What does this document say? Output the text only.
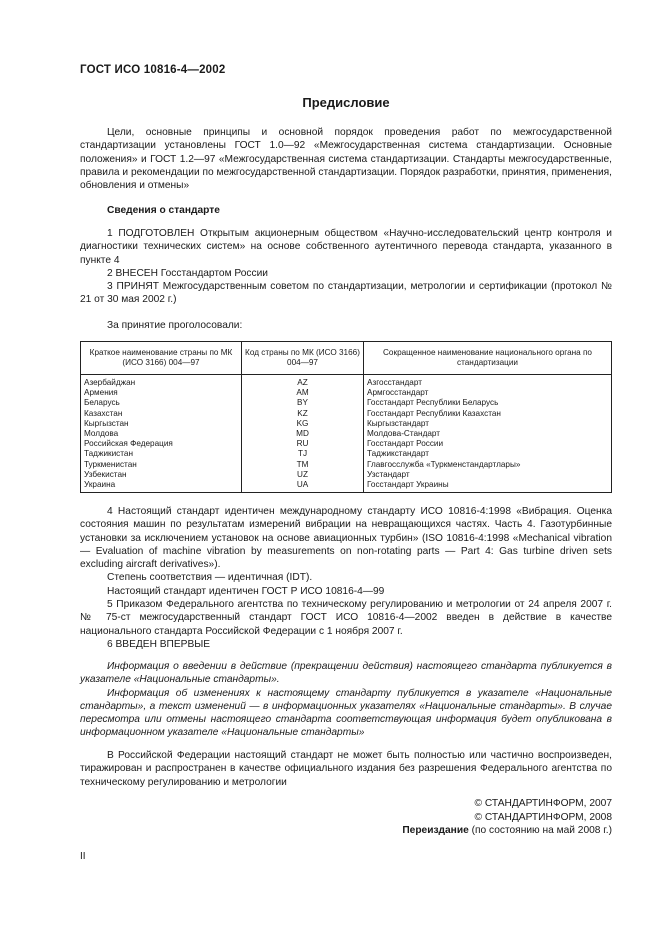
ГОСТ ИСО 10816-4—2002
Предисловие

Цели, основные принципы и основной порядок проведения работ по межгосударственной стандартизации установлены ГОСТ 1.0—92 «Межгосударственная система стандартизации. Основные положения» и ГОСТ 1.2—97 «Межгосударственная система стандартизации. Стандарты межгосударственные, правила и рекомендации по межгосударственной стандартизации. Порядок разработки, принятия, применения, обновления и отмены»

Сведения о стандарте

1 ПОДГОТОВЛЕН Открытым акционерным обществом «Научно-исследовательский центр контроля и диагностики технических систем» на основе собственного аутентичного перевода стандарта, указанного в пункте 4

2 ВНЕСЕН Госстандартом России

3 ПРИНЯТ Межгосударственным советом по стандартизации, метрологии и сертификации (протокол № 21 от 30 мая 2002 г.)

За принятие проголосовали:

Краткое наименование страны по МК (ИСО 3166) 004—97	Код страны по МК (ИСО 3166) 004—97	Сокращенное наименование национального органа по стандартизации
Азербайджан	AZ	Азгосстандарт
Армения	AM	Армгосстандарт
Беларусь	BY	Госстандарт Республики Беларусь
Казахстан	KZ	Госстандарт Республики Казахстан
Кыргызстан	KG	Кыргызстандарт
Молдова	MD	Молдова-Стандарт
Российская Федерация	RU	Госстандарт России
Таджикистан	TJ	Таджикстандарт
Туркменистан	TM	Главгосслужба «Туркменстандартлары»
Узбекистан	UZ	Узстандарт
Украина	UA	Госстандарт Украины

4 Настоящий стандарт идентичен международному стандарту ИСО 10816-4:1998 «Вибрация. Оценка состояния машин по результатам измерений вибрации на невращающихся частях. Часть 4. Газотурбинные установки за исключением установок на основе авиационных турбин» (ISO 10816-4:1998 «Mechanical vibration — Evaluation of machine vibration by measurements on non-rotating parts — Part 4: Gas turbine driven sets excluding aircraft derivatives»).

Степень соответствия — идентичная (IDT).

Настоящий стандарт идентичен ГОСТ Р ИСО 10816-4—99

5 Приказом Федерального агентства по техническому регулированию и метрологии от 24 апреля 2007 г. № 75-ст межгосударственный стандарт ГОСТ ИСО 10816-4—2002 введен в действие в качестве национального стандарта Российской Федерации с 1 ноября 2007 г.

6 ВВЕДЕН ВПЕРВЫЕ

Информация о введении в действие (прекращении действия) настоящего стандарта публикуется в указателе «Национальные стандарты».

Информация об изменениях к настоящему стандарту публикуется в указателе «Национальные стандарты», а текст изменений — в информационных указателях «Национальные стандарты». В случае пересмотра или отмены настоящего стандарта соответствующая информация будет опубликована в информационном указателе «Национальные стандарты»

В Российской Федерации настоящий стандарт не может быть полностью или частично воспроизведен, тиражирован и распространен в качестве официального издания без разрешения Федерального агентства по техническому регулированию и метрологии

© СТАНДАРТИНФОРМ, 2007
© СТАНДАРТИНФОРМ, 2008
Переиздание (по состоянию на май 2008 г.)
II
